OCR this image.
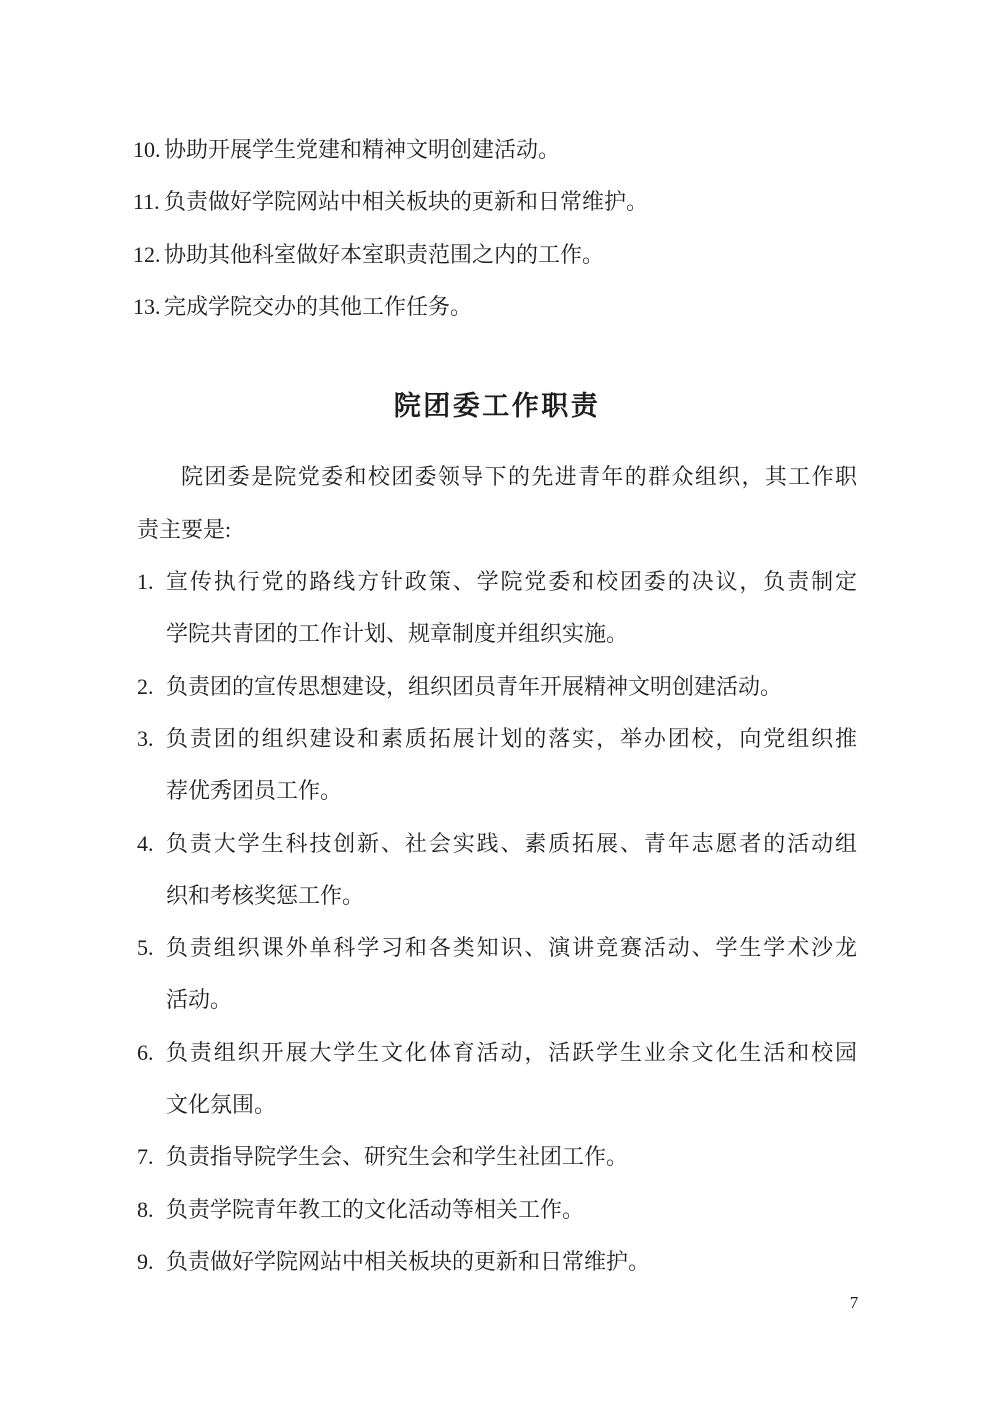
10. 协助开展学生党建和精神文明创建活动。
11. 负责做好学院网站中相关板块的更新和日常维护。
12. 协助其他科室做好本室职责范围之内的工作。
13. 完成学院交办的其他工作任务。
院团委工作职责
院团委是院党委和校团委领导下的先进青年的群众组织，其工作职
责主要是:
1. 宣传执行党的路线方针政策、学院党委和校团委的决议，负责制定
学院共青团的工作计划、规章制度并组织实施。
2. 负责团的宣传思想建设，组织团员青年开展精神文明创建活动。
3. 负责团的组织建设和素质拓展计划的落实，举办团校，向党组织推
荐优秀团员工作。
4. 负责大学生科技创新、社会实践、素质拓展、青年志愿者的活动组
织和考核奖惩工作。
5. 负责组织课外单科学习和各类知识、演讲竞赛活动、学生学术沙龙
活动。
6. 负责组织开展大学生文化体育活动，活跃学生业余文化生活和校园
文化氛围。
7. 负责指导院学生会、研究生会和学生社团工作。
8. 负责学院青年教工的文化活动等相关工作。
9. 负责做好学院网站中相关板块的更新和日常维护。
7
